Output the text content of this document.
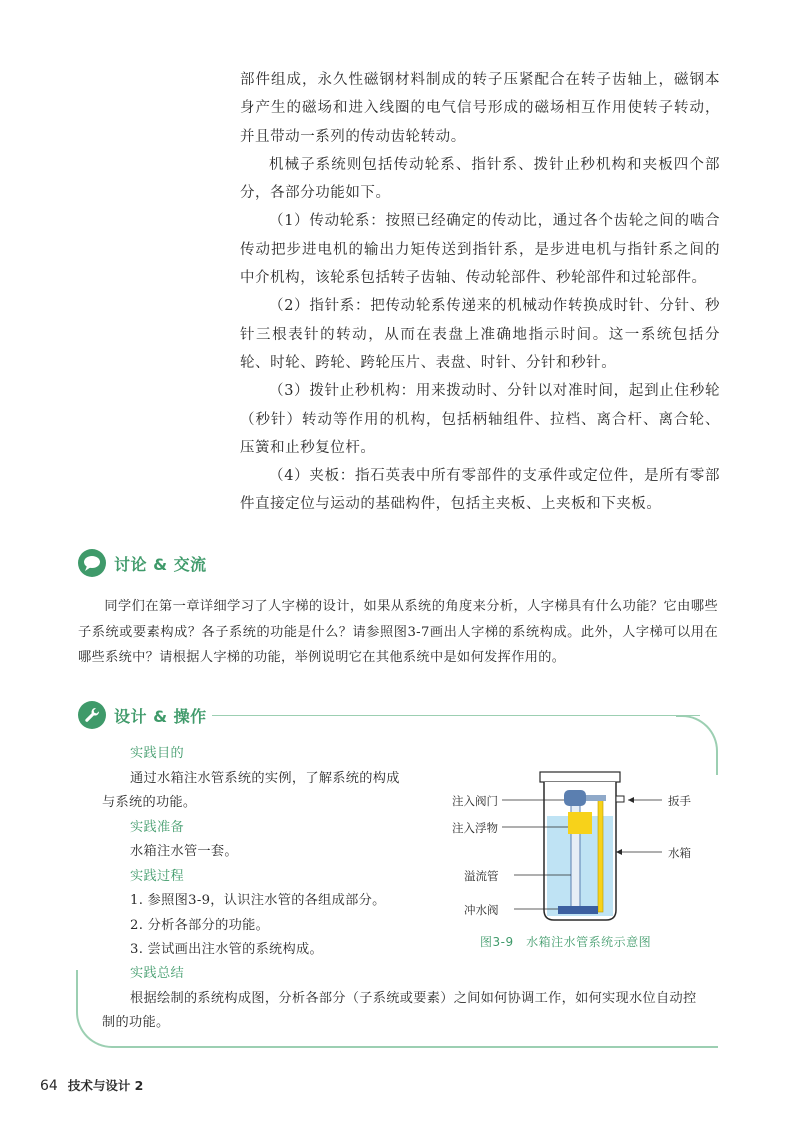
部件组成，永久性磁钢材料制成的转子压紧配合在转子齿轴上，磁钢本身产生的磁场和进入线圈的电气信号形成的磁场相互作用使转子转动，并且带动一系列的传动齿轮转动。

机械子系统则包括传动轮系、指针系、拨针止秒机构和夹板四个部分，各部分功能如下。

（1）传动轮系：按照已经确定的传动比，通过各个齿轮之间的啮合传动把步进电机的输出力矩传送到指针系，是步进电机与指针系之间的中介机构，该轮系包括转子齿轴、传动轮部件、秒轮部件和过轮部件。

（2）指针系：把传动轮系传递来的机械动作转换成时针、分针、秒针三根表针的转动，从而在表盘上准确地指示时间。这一系统包括分轮、时轮、跨轮、跨轮压片、表盘、时针、分针和秒针。

（3）拨针止秒机构：用来拨动时、分针以对准时间，起到止住秒轮（秒针）转动等作用的机构，包括柄轴组件、拉档、离合杆、离合轮、压簧和止秒复位杆。

（4）夹板：指石英表中所有零部件的支承件或定位件，是所有零部件直接定位与运动的基础构件，包括主夹板、上夹板和下夹板。

讨论 & 交流
同学们在第一章详细学习了人字梯的设计，如果从系统的角度来分析，人字梯具有什么功能？它由哪些子系统或要素构成？各子系统的功能是什么？请参照图3-7画出人字梯的系统构成。此外，人字梯可以用在哪些系统中？请根据人字梯的功能，举例说明它在其他系统中是如何发挥作用的。
设计 & 操作
实践目的
通过水箱注水管系统的实例，了解系统的构成
与系统的功能。
实践准备
水箱注水管一套。
实践过程
1. 参照图3-9，认识注水管的各组成部分。
2. 分析各部分的功能。
3. 尝试画出注水管的系统构成。
实践总结
根据绘制的系统构成图，分析各部分（子系统或要素）之间如何协调工作，如何实现水位自动控制的功能。
注入阀门
注入浮物
溢流管
冲水阀
扳手
水箱
图3-9　水箱注水管系统示意图
64 技术与设计 2
